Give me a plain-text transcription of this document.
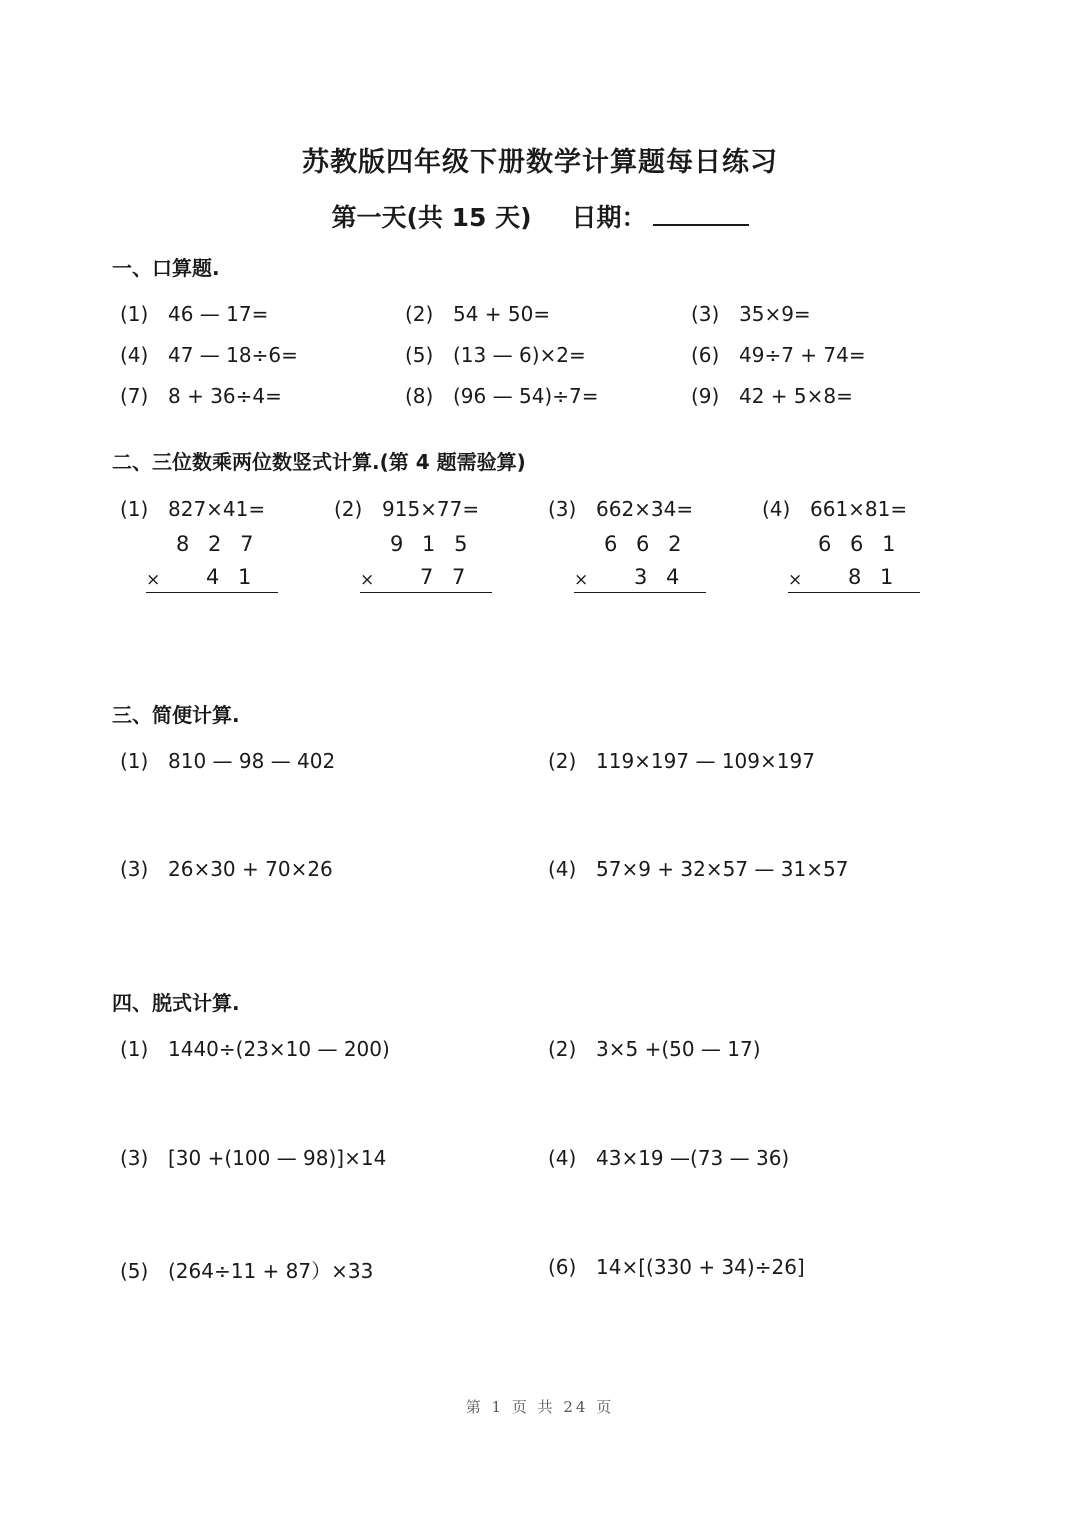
苏教版四年级下册数学计算题每日练习
第一天(共 15 天) 日期：
一、口算题.
(1) 46 — 17=	(2) 54 + 50=	(3) 35×9=
(4) 47 — 18÷6=	(5) (13 — 6)×2=	(6) 49÷7 + 74=
(7) 8 + 36÷4=	(8) (96 — 54)÷7=	(9) 42 + 5×8=
二、三位数乘两位数竖式计算.(第 4 题需验算)
(1) 827×41=
8 2 7
× 4 1
(2) 915×77=
9 1 5
× 7 7
(3) 662×34=
6 6 2
× 3 4
(4) 661×81=
6 6 1
× 8 1
三、简便计算.
(1) 810 — 98 — 402	(2) 119×197 — 109×197
(3) 26×30 + 70×26	(4) 57×9 + 32×57 — 31×57
四、脱式计算.
(1) 1440÷(23×10 — 200)	(2) 3×5 +(50 — 17)
(3) [30 +(100 — 98)]×14	(4) 43×19 —(73 — 36)
(5) (264÷11 + 87）×33	(6) 14×[(330 + 34)÷26]
第 1 页 共 24 页
